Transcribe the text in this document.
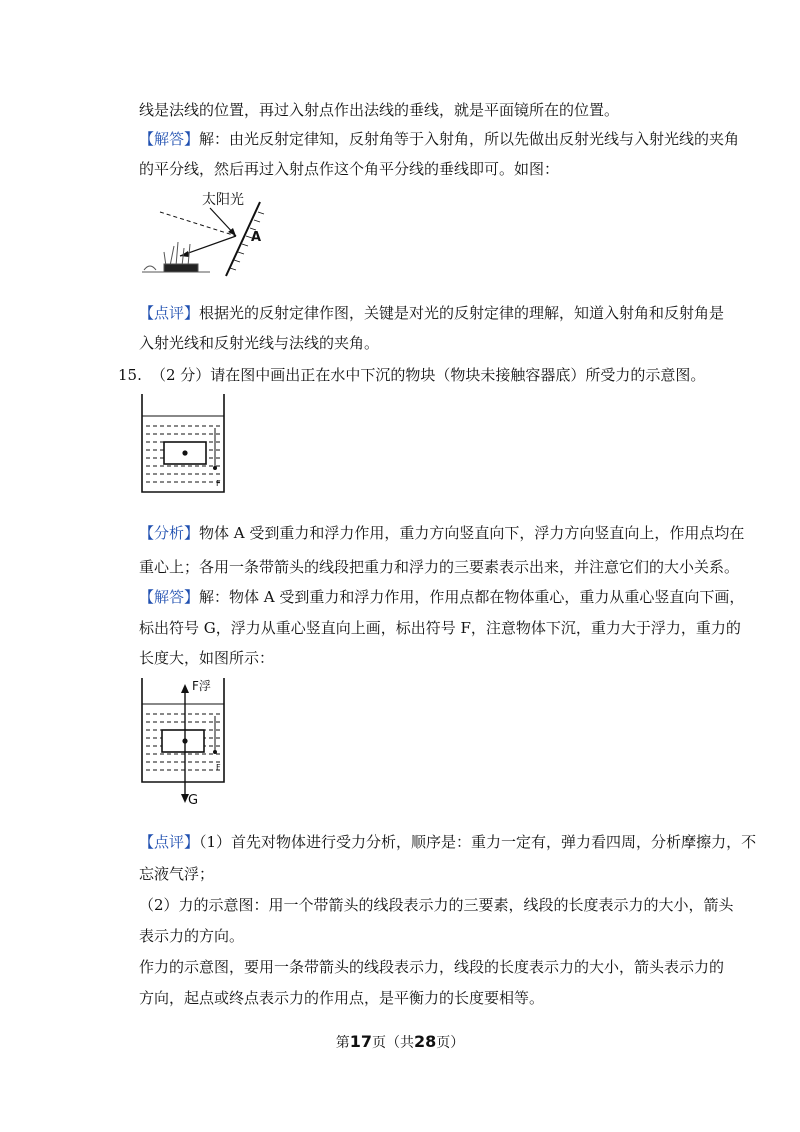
线是法线的位置，再过入射点作出法线的垂线，就是平面镜所在的位置。
【解答】解：由光反射定律知，反射角等于入射角，所以先做出反射光线与入射光线的夹角
的平分线，然后再过入射点作这个角平分线的垂线即可。如图：
太阳光
A
【点评】根据光的反射定律作图，关键是对光的反射定律的理解，知道入射角和反射角是
入射光线和反射光线与法线的夹角。
15. （2 分）请在图中画出正在水中下沉的物块（物块未接触容器底）所受力的示意图。
F
【分析】物体 A 受到重力和浮力作用，重力方向竖直向下，浮力方向竖直向上，作用点均在
重心上；各用一条带箭头的线段把重力和浮力的三要素表示出来，并注意它们的大小关系。
【解答】解：物体 A 受到重力和浮力作用，作用点都在物体重心，重力从重心竖直向下画，
标出符号 G，浮力从重心竖直向上画，标出符号 F，注意物体下沉，重力大于浮力，重力的
长度大，如图所示：
F浮
G
F
【点评】（1）首先对物体进行受力分析，顺序是：重力一定有，弹力看四周，分析摩擦力，不
忘液气浮；
（2）力的示意图：用一个带箭头的线段表示力的三要素，线段的长度表示力的大小，箭头
表示力的方向。
作力的示意图，要用一条带箭头的线段表示力，线段的长度表示力的大小，箭头表示力的
方向，起点或终点表示力的作用点，是平衡力的长度要相等。
第17页（共28页）
